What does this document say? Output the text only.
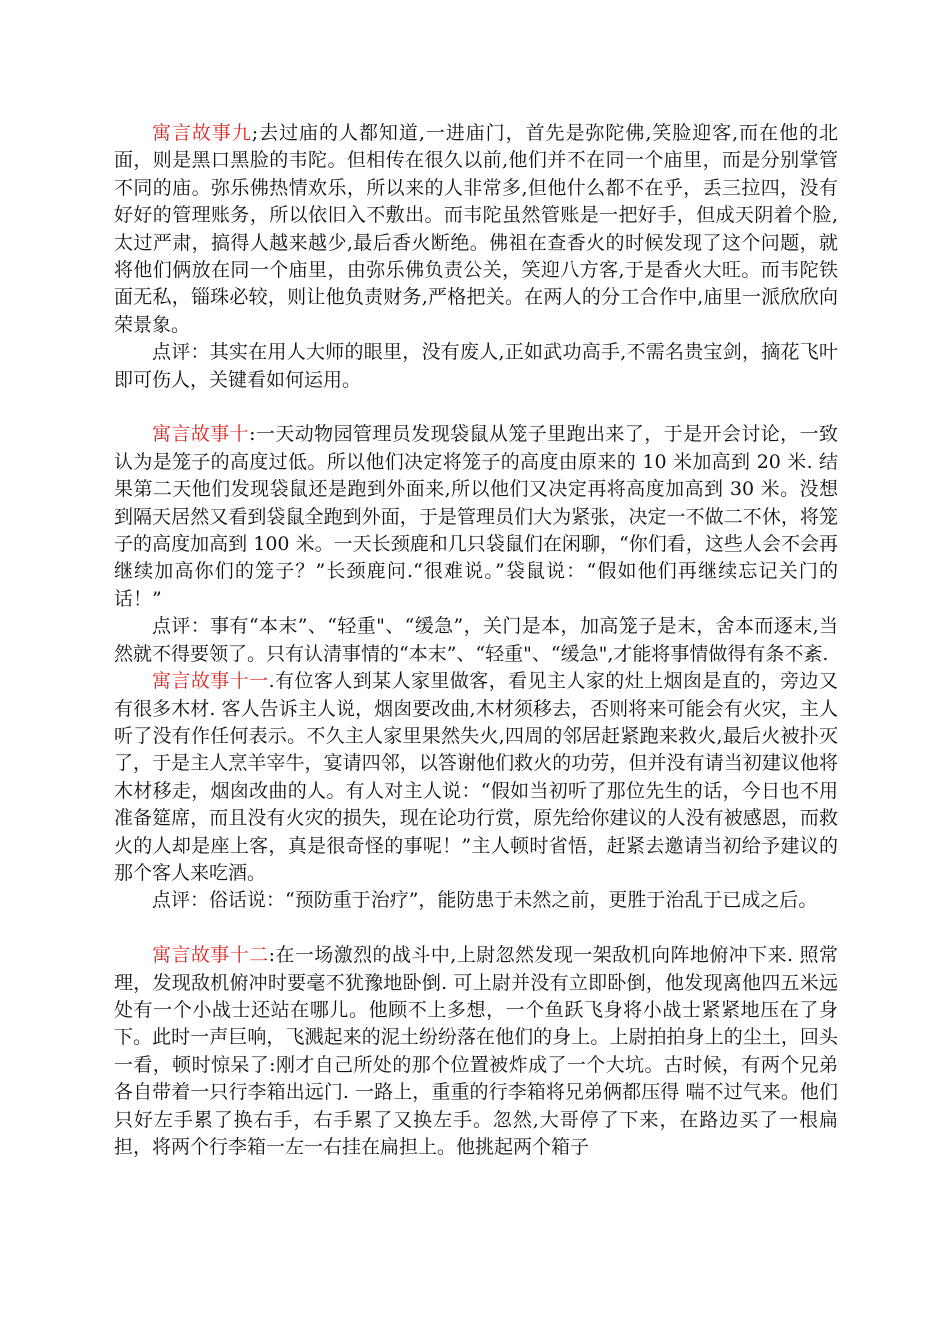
寓言故事九;去过庙的人都知道,一进庙门，首先是弥陀佛,笑脸迎客,而在他的北面，则是黑口黑脸的韦陀。但相传在很久以前,他们并不在同一个庙里，而是分别掌管不同的庙。弥乐佛热情欢乐，所以来的人非常多,但他什么都不在乎，丢三拉四，没有好好的管理账务，所以依旧入不敷出。而韦陀虽然管账是一把好手，但成天阴着个脸,太过严肃，搞得人越来越少,最后香火断绝。佛祖在查香火的时候发现了这个问题，就将他们俩放在同一个庙里，由弥乐佛负责公关，笑迎八方客,于是香火大旺。而韦陀铁面无私，锱珠必较，则让他负责财务,严格把关。在两人的分工合作中,庙里一派欣欣向荣景象。

点评：其实在用人大师的眼里，没有废人,正如武功高手,不需名贵宝剑，摘花飞叶即可伤人，关键看如何运用。

寓言故事十:一天动物园管理员发现袋鼠从笼子里跑出来了，于是开会讨论，一致认为是笼子的高度过低。所以他们决定将笼子的高度由原来的 10 米加高到 20 米. 结果第二天他们发现袋鼠还是跑到外面来,所以他们又决定再将高度加高到 30 米。没想到隔天居然又看到袋鼠全跑到外面，于是管理员们大为紧张，决定一不做二不休，将笼子的高度加高到 100 米。一天长颈鹿和几只袋鼠们在闲聊，“你们看，这些人会不会再继续加高你们的笼子？”长颈鹿问.“很难说。”袋鼠说：“假如他们再继续忘记关门的话！”

点评：事有“本末”、“轻重"、“缓急”，关门是本，加高笼子是末，舍本而逐末,当然就不得要领了。只有认清事情的“本末”、“轻重"、“缓急",才能将事情做得有条不紊.

寓言故事十一.有位客人到某人家里做客，看见主人家的灶上烟囱是直的，旁边又有很多木材. 客人告诉主人说，烟囱要改曲,木材须移去，否则将来可能会有火灾，主人听了没有作任何表示。不久主人家里果然失火,四周的邻居赶紧跑来救火,最后火被扑灭了，于是主人烹羊宰牛，宴请四邻，以答谢他们救火的功劳，但并没有请当初建议他将木材移走，烟囱改曲的人。有人对主人说：“假如当初听了那位先生的话，今日也不用准备筵席，而且没有火灾的损失，现在论功行赏，原先给你建议的人没有被感恩，而救火的人却是座上客，真是很奇怪的事呢！”主人顿时省悟，赶紧去邀请当初给予建议的那个客人来吃酒。

点评：俗话说：“预防重于治疗”，能防患于未然之前，更胜于治乱于已成之后。

寓言故事十二:在一场激烈的战斗中,上尉忽然发现一架敌机向阵地俯冲下来. 照常理，发现敌机俯冲时要毫不犹豫地卧倒. 可上尉并没有立即卧倒，他发现离他四五米远处有一个小战士还站在哪儿。他顾不上多想，一个鱼跃飞身将小战士紧紧地压在了身下。此时一声巨响，飞溅起来的泥土纷纷落在他们的身上。上尉拍拍身上的尘土，回头一看，顿时惊呆了:刚才自己所处的那个位置被炸成了一个大坑。古时候，有两个兄弟各自带着一只行李箱出远门. 一路上，重重的行李箱将兄弟俩都压得 喘不过气来。他们只好左手累了换右手，右手累了又换左手。忽然,大哥停了下来，在路边买了一根扁担，将两个行李箱一左一右挂在扁担上。他挑起两个箱子
